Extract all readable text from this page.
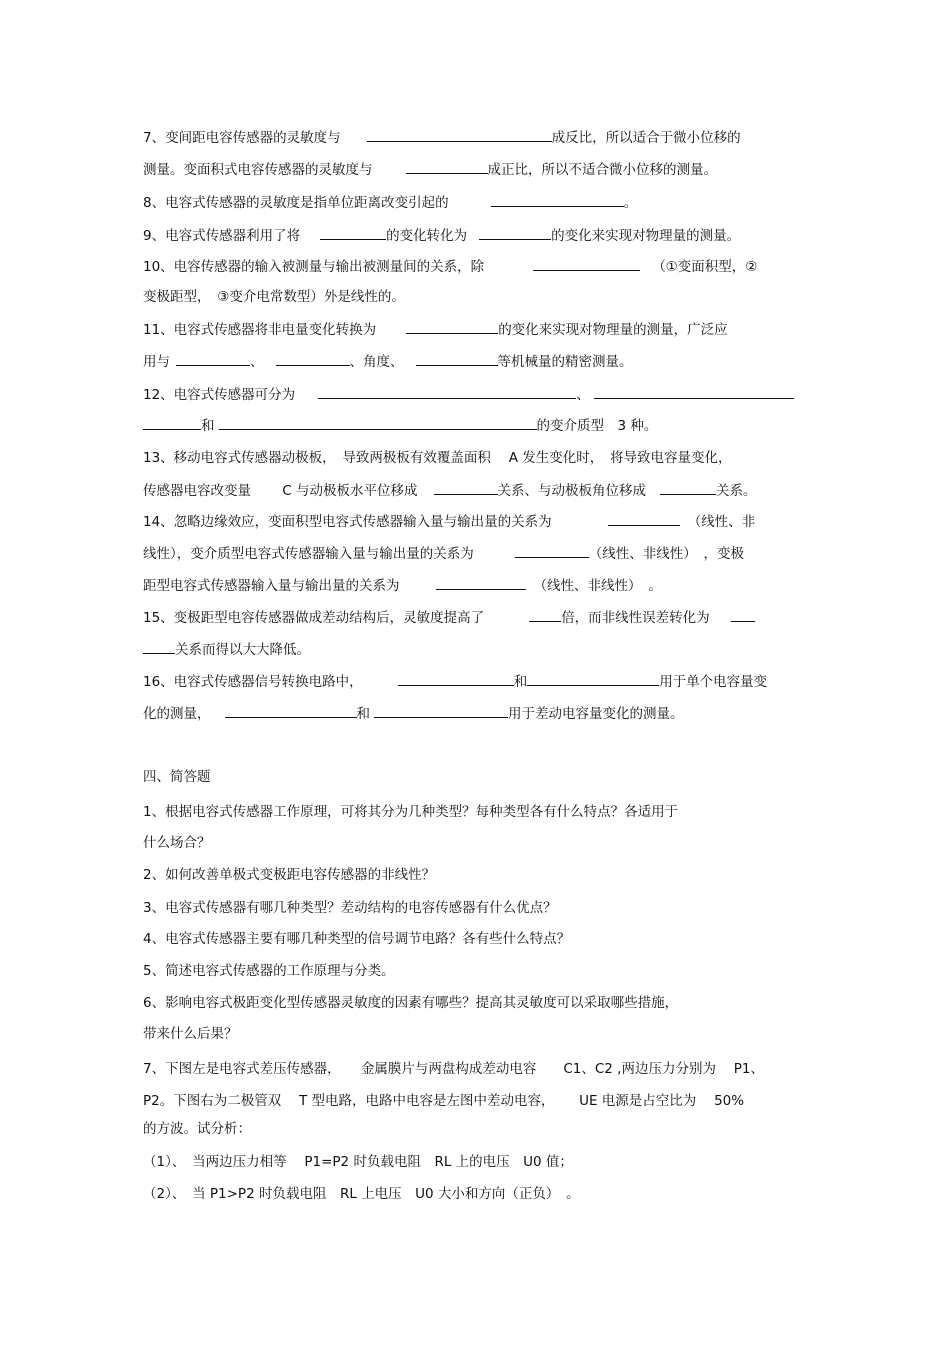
7、变间距电容传感器的灵敏度与	成反比，所以适合于微小位移的
测量。变面积式电容传感器的灵敏度与	成正比，所以不适合微小位移的测量。
8、电容式传感器的灵敏度是指单位距离改变引起的	。
9、电容式传感器利用了将	的变化转化为	的变化来实现对物理量的测量。
10、电容传感器的输入被测量与输出被测量间的关系，除	（①变面积型，②
变极距型，　③变介电常数型）外是线性的。
11、电容式传感器将非电量变化转换为	的变化来实现对物理量的测量，广泛应
用与	、	、角度、	等机械量的精密测量。
12、电容式传感器可分为	、
和	的变介质型　3 种。
13、移动电容式传感器动极板，　导致两极板有效覆盖面积　 A 发生变化时，　将导致电容量变化，
传感器电容改变量　　 C 与动极板水平位移成	关系、与动极板角位移成	关系。
14、忽略边缘效应，变面积型电容式传感器输入量与输出量的关系为	（线性、非
线性），变介质型电容式传感器输入量与输出量的关系为	（线性、非线性）　，变极
距型电容式传感器输入量与输出量的关系为	（线性、非线性）　。
15、变极距型电容传感器做成差动结构后，灵敏度提高了	倍，而非线性误差转化为
关系而得以大大降低。
16、电容式传感器信号转换电路中，	和	用于单个电容量变
化的测量，	和	用于差动电容量变化的测量。
四、简答题
1、根据电容式传感器工作原理，可将其分为几种类型？每种类型各有什么特点？各适用于
什么场合？
2、如何改善单极式变极距电容传感器的非线性？
3、电容式传感器有哪几种类型？差动结构的电容传感器有什么优点？
4、电容式传感器主要有哪几种类型的信号调节电路？各有些什么特点？
5、简述电容式传感器的工作原理与分类。
6、影响电容式极距变化型传感器灵敏度的因素有哪些？提高其灵敏度可以采取哪些措施，
带来什么后果？
7、下图左是电容式差压传感器，　　金属膜片与两盘构成差动电容　　C1、C2 ,两边压力分别为　 P1、
P2。下图右为二极管双　 T 型电路，电路中电容是左图中差动电容，　　 UE 电源是占空比为　 50%
的方波。试分析：
（1）、　当两边压力相等　 P1=P2 时负载电阻　RL 上的电压　U0 值；
（2）、　当 P1>P2 时负载电阻　RL 上电压　U0 大小和方向（正负）　。
